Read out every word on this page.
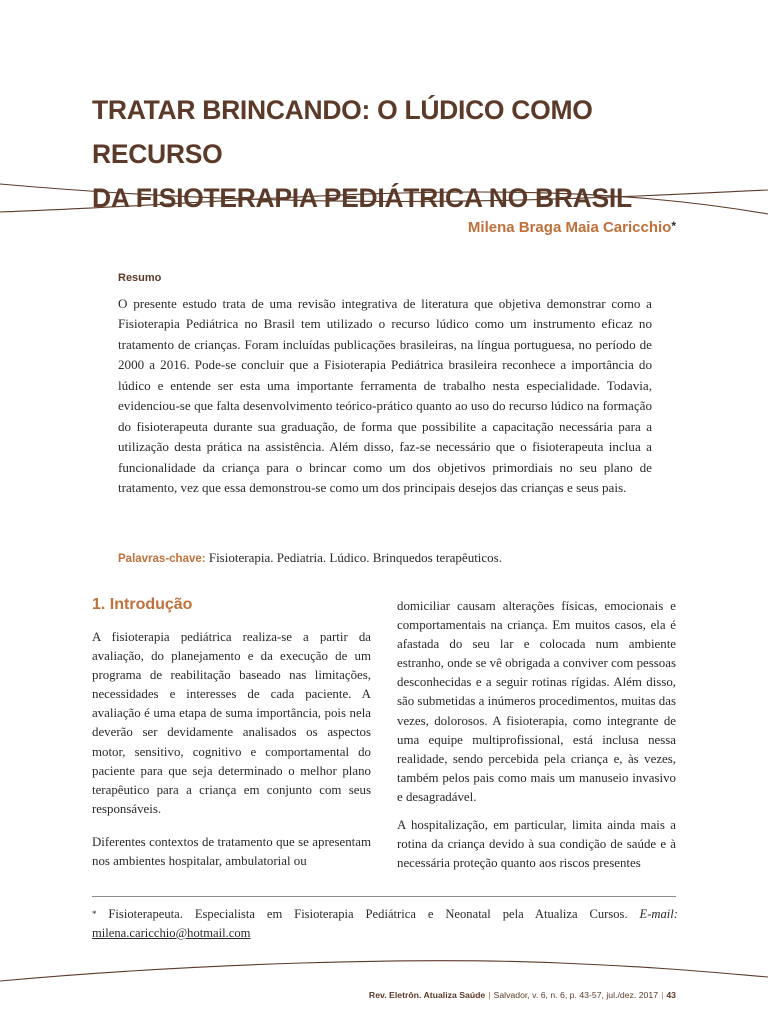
TRATAR BRINCANDO: O LÚDICO COMO RECURSO
DA FISIOTERAPIA PEDIÁTRICA NO BRASIL

Milena Braga Maia Caricchio*

Resumo

O presente estudo trata de uma revisão integrativa de literatura que objetiva demonstrar como a Fisioterapia Pediátrica no Brasil tem utilizado o recurso lúdico como um instrumento eficaz no tratamento de crianças. Foram incluídas publicações brasileiras, na língua portuguesa, no período de 2000 a 2016. Pode-se concluir que a Fisioterapia Pediátrica brasileira reconhece a importância do lúdico e entende ser esta uma importante ferramenta de trabalho nesta especialidade. Todavia, evidenciou-se que falta desenvolvimento teórico-prático quanto ao uso do recurso lúdico na formação do fisioterapeuta durante sua graduação, de forma que possibilite a capacitação necessária para a utilização desta prática na assistência. Além disso, faz-se necessário que o fisioterapeuta inclua a funcionalidade da criança para o brincar como um dos objetivos primordiais no seu plano de tratamento, vez que essa demonstrou-se como um dos principais desejos das crianças e seus pais.

Palavras-chave: Fisioterapia. Pediatria. Lúdico. Brinquedos terapêuticos.

1. Introdução

A fisioterapia pediátrica realiza-se a partir da avaliação, do planejamento e da execução de um programa de reabilitação baseado nas limitações, necessidades e interesses de cada paciente. A avaliação é uma etapa de suma importância, pois nela deverão ser devidamente analisados os aspectos motor, sensitivo, cognitivo e comportamental do paciente para que seja determinado o melhor plano terapêutico para a criança em conjunto com seus responsáveis.

Diferentes contextos de tratamento que se apresentam nos ambientes hospitalar, ambulatorial ou

domiciliar causam alterações físicas, emocionais e comportamentais na criança. Em muitos casos, ela é afastada do seu lar e colocada num ambiente estranho, onde se vê obrigada a conviver com pessoas desconhecidas e a seguir rotinas rígidas. Além disso, são submetidas a inúmeros procedimentos, muitas das vezes, dolorosos. A fisioterapia, como integrante de uma equipe multiprofissional, está inclusa nessa realidade, sendo percebida pela criança e, às vezes, também pelos pais como mais um manuseio invasivo e desagradável.

A hospitalização, em particular, limita ainda mais a rotina da criança devido à sua condição de saúde e à necessária proteção quanto aos riscos presentes

* Fisioterapeuta. Especialista em Fisioterapia Pediátrica e Neonatal pela Atualiza Cursos. E-mail: milena.caricchio@hotmail.com

Rev. Eletrôn. Atualiza Saúde | Salvador, v. 6, n. 6, p. 43-57, jul./dez. 2017 | 43
